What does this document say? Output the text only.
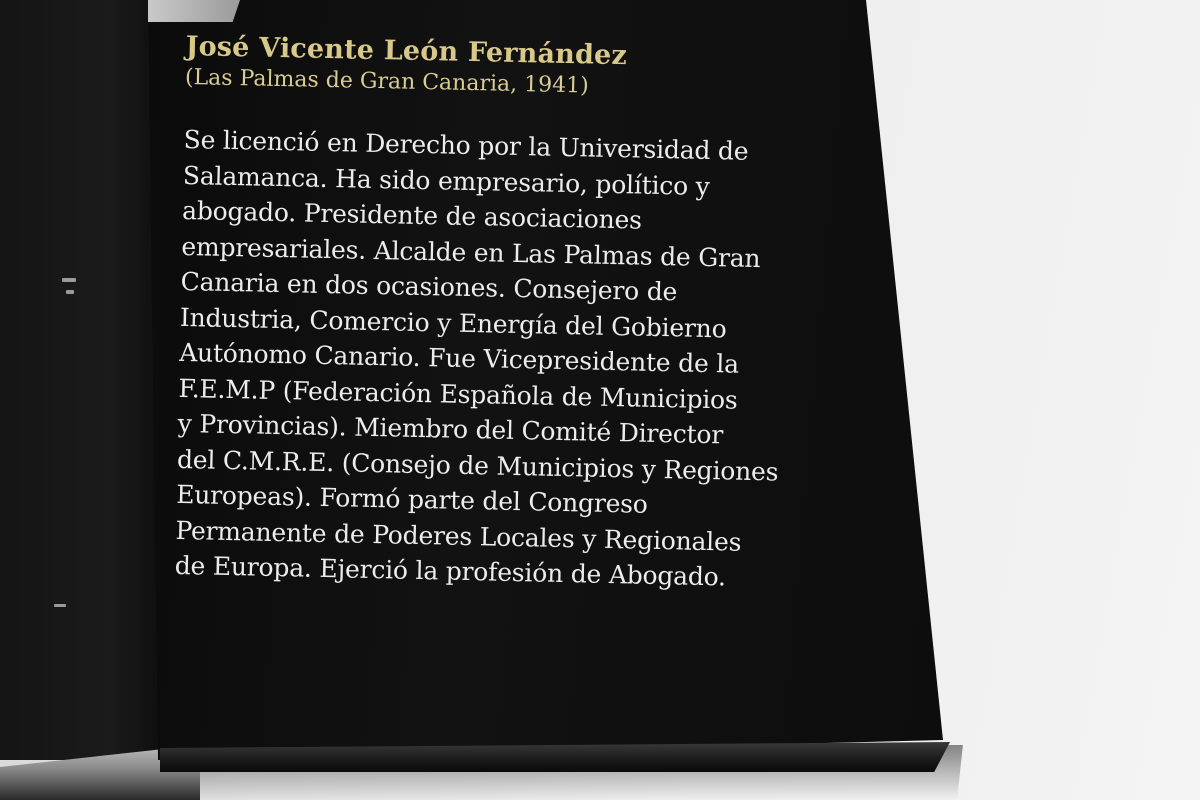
José Vicente León Fernández

(Las Palmas de Gran Canaria, 1941)

Se licenció en Derecho por la Universidad de
Salamanca. Ha sido empresario, político y
abogado. Presidente de asociaciones
empresariales. Alcalde en Las Palmas de Gran
Canaria en dos ocasiones. Consejero de
Industria, Comercio y Energía del Gobierno
Autónomo Canario. Fue Vicepresidente de la
F.E.M.P (Federación Española de Municipios
y Provincias). Miembro del Comité Director
del C.M.R.E. (Consejo de Municipios y Regiones
Europeas). Formó parte del Congreso
Permanente de Poderes Locales y Regionales
de Europa. Ejerció la profesión de Abogado.
